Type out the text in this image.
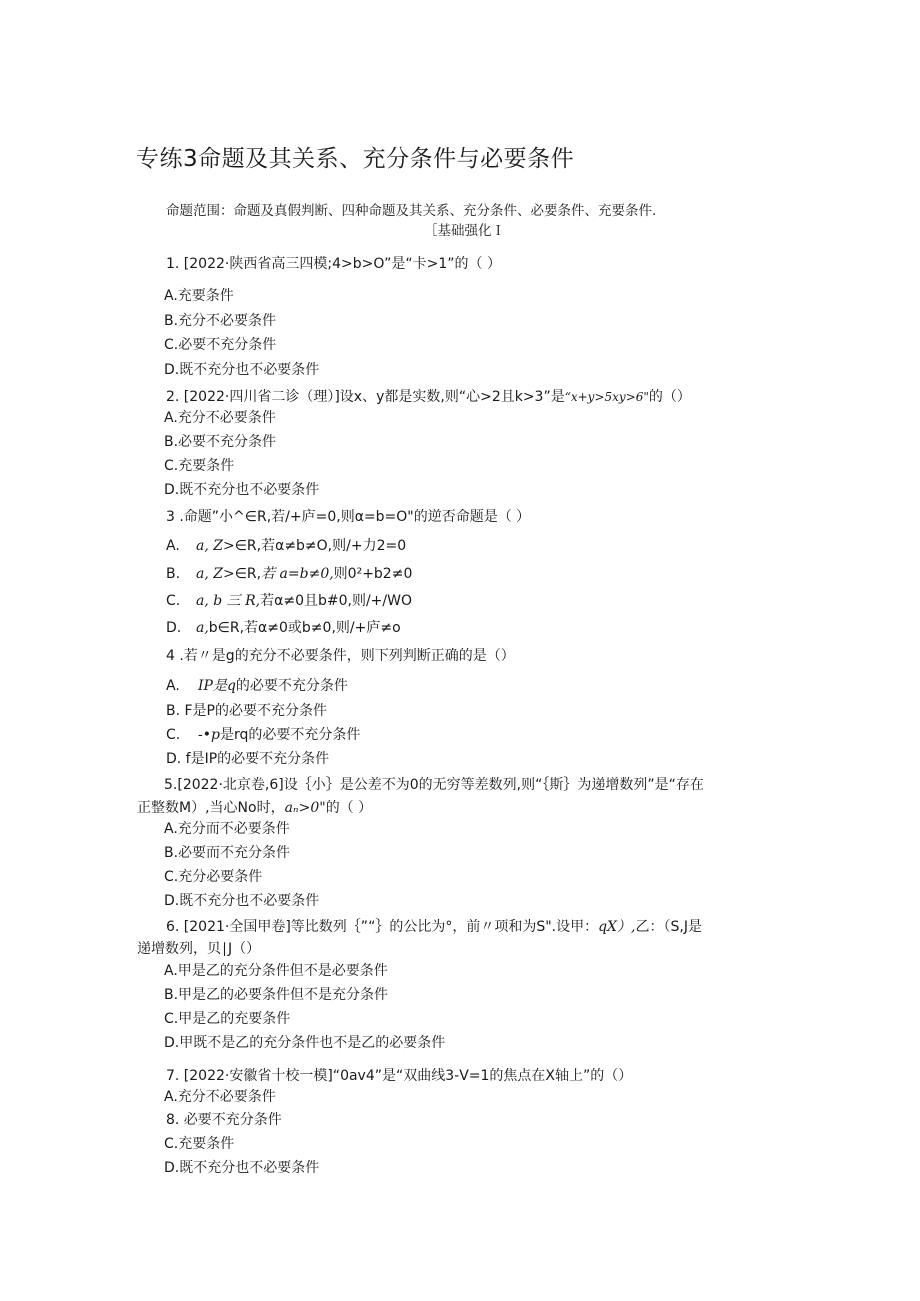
专练3命题及其关系、充分条件与必要条件
命题范围：命题及真假判断、四种命题及其关系、充分条件、必要条件、充要条件.
［基础强化Ｉ
1. [2022·陕西省高三四模;4>b>O”是“卡>1”的（ ）
A.充要条件
B.充分不必要条件
C.必要不充分条件
D.既不充分也不必要条件
2. [2022·四川省二诊（理）]设x、y都是实数,则“心>2且k>3”是“x+y>5xy>6"的（）
A.充分不必要条件
B.必要不充分条件
C.充要条件
D.既不充分也不必要条件
3 .命题”小^∈R,若/+庐=0,则α=b=O"的逆否命题是（ ）
A. a, Z>∈R,若α≠b≠O,则/+力2=0
B. a, Z>∈R,若 a=b≠0,则0²+b2≠0
C. a, b 三 R,若α≠0且b#0,则/+/WO
D. a,b∈R,若α≠0或b≠0,则/+庐≠o
4 .若〃是g的充分不必要条件，则下列判断正确的是（）
A. IP是q的必要不充分条件
B. F是P的必要不充分条件
C. -•p是rq的必要不充分条件
D. f是IP的必要不充分条件
5.[2022·北京卷,6]设｛小｝是公差不为0的无穷等差数列,则“｛斯｝为递增数列”是“存在
正整数M）,当心No时，aₙ>0"的（ ）
A.充分而不必要条件
B.必要而不充分条件
C.充分必要条件
D.既不充分也不必要条件
6. [2021·全国甲卷]等比数列｛”“｝的公比为°，前〃项和为S".设甲：qX）,乙：（S,J是
递增数列，贝∣J（）
A.甲是乙的充分条件但不是必要条件
B.甲是乙的必要条件但不是充分条件
C.甲是乙的充要条件
D.甲既不是乙的充分条件也不是乙的必要条件
7. [2022·安徽省十校一模]“0av4”是“双曲线3-V=1的焦点在X轴上”的（）
A.充分不必要条件
8. 必要不充分条件
C.充要条件
D.既不充分也不必要条件
